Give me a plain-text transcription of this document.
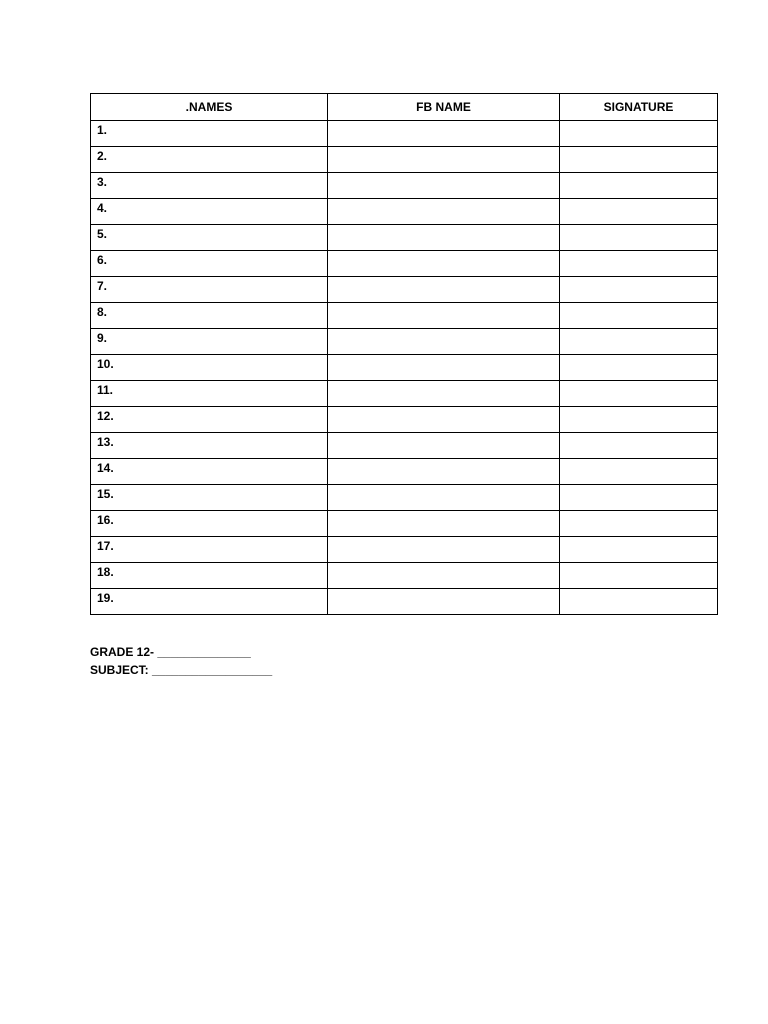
.NAMES	FB NAME	SIGNATURE
1.		
2.		
3.		
4.		
5.		
6.		
7.		
8.		
9.		
10.		
11.		
12.		
13.		
14.		
15.		
16.		
17.		
18.		
19.		
GRADE 12- ______________
SUBJECT: __________________
